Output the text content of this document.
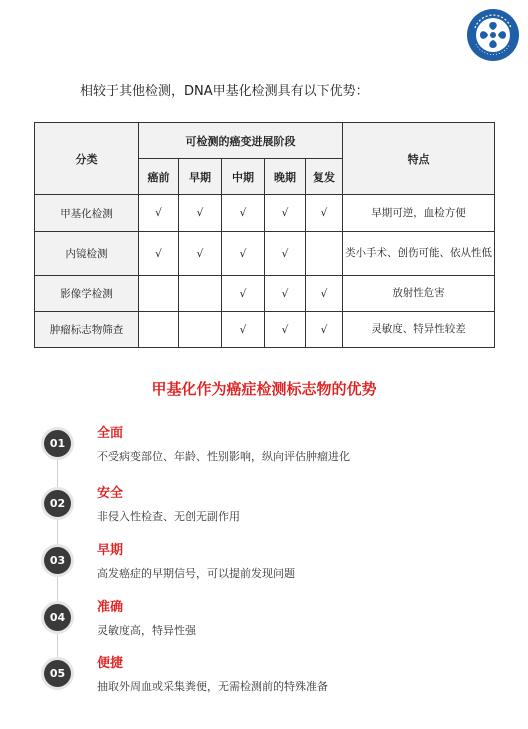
相较于其他检测，DNA甲基化检测具有以下优势：
分类	可检测的癌变进展阶段					特点
	癌前	早期	中期	晚期	复发	
甲基化检测	√	√	√	√	√	早期可逆，血检方便
内镜检测	√	√	√	√		类小手术、创伤可能、依从性低
影像学检测			√	√	√	放射性危害
肿瘤标志物筛查			√	√	√	灵敏度、特异性较差
甲基化作为癌症检测标志物的优势
01
全面
不受病变部位、年龄、性别影响，纵向评估肿瘤进化
02
安全
非侵入性检查、无创无副作用
03
早期
高发癌症的早期信号，可以提前发现问题
04
准确
灵敏度高，特异性强
05
便捷
抽取外周血或采集粪便，无需检测前的特殊准备
